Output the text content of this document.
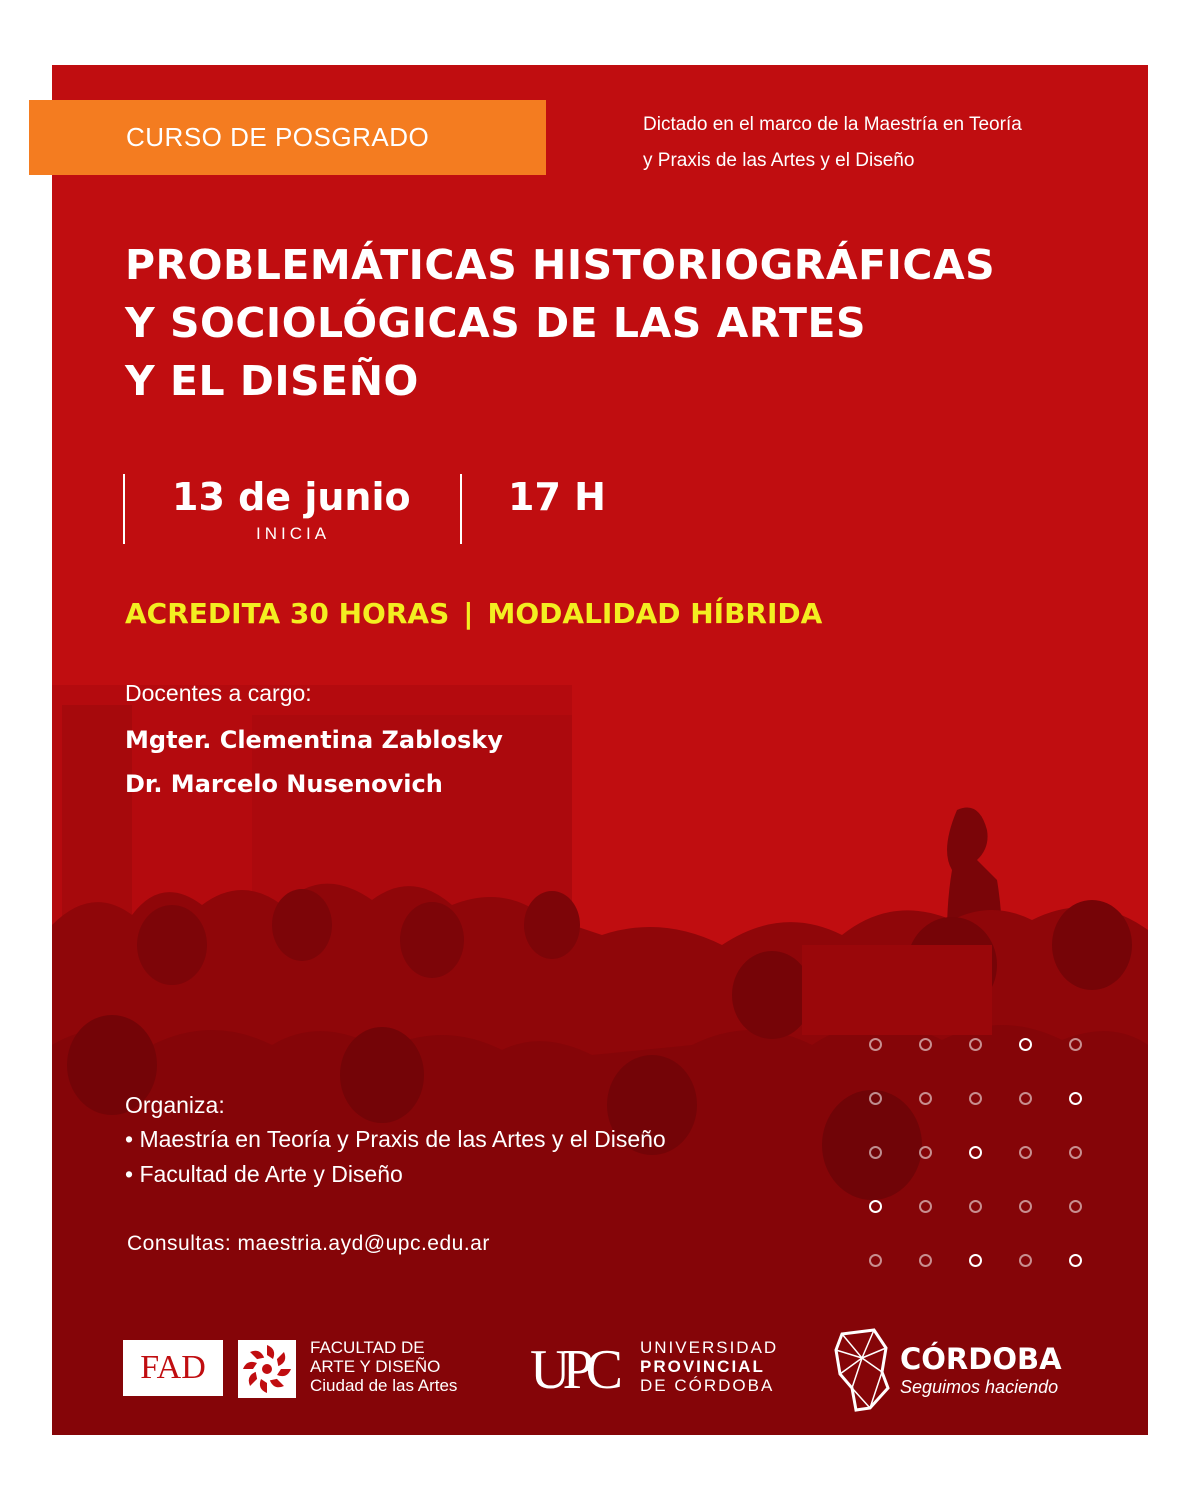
CURSO DE POSGRADO	Dictado en el marco de la Maestría en Teoría
y Praxis de las Artes y el Diseño
PROBLEMÁTICAS HISTORIOGRÁFICAS
Y SOCIOLÓGICAS DE LAS ARTES
Y EL DISEÑO
13 de junio
INICIA
17 H
ACREDITA 30 HORAS | MODALIDAD HÍBRIDA
Docentes a cargo:
Mgter. Clementina Zablosky
Dr. Marcelo Nusenovich
Organiza:
• Maestría en Teoría y Praxis de las Artes y el Diseño
• Facultad de Arte y Diseño
Consultas: maestria.ayd@upc.edu.ar
FAD
FACULTAD DE
ARTE Y DISEÑO
Ciudad de las Artes UPC	UNIVERSIDAD
PROVINCIAL
DE CÓRDOBA
CÓRDOBA
Seguimos haciendo
